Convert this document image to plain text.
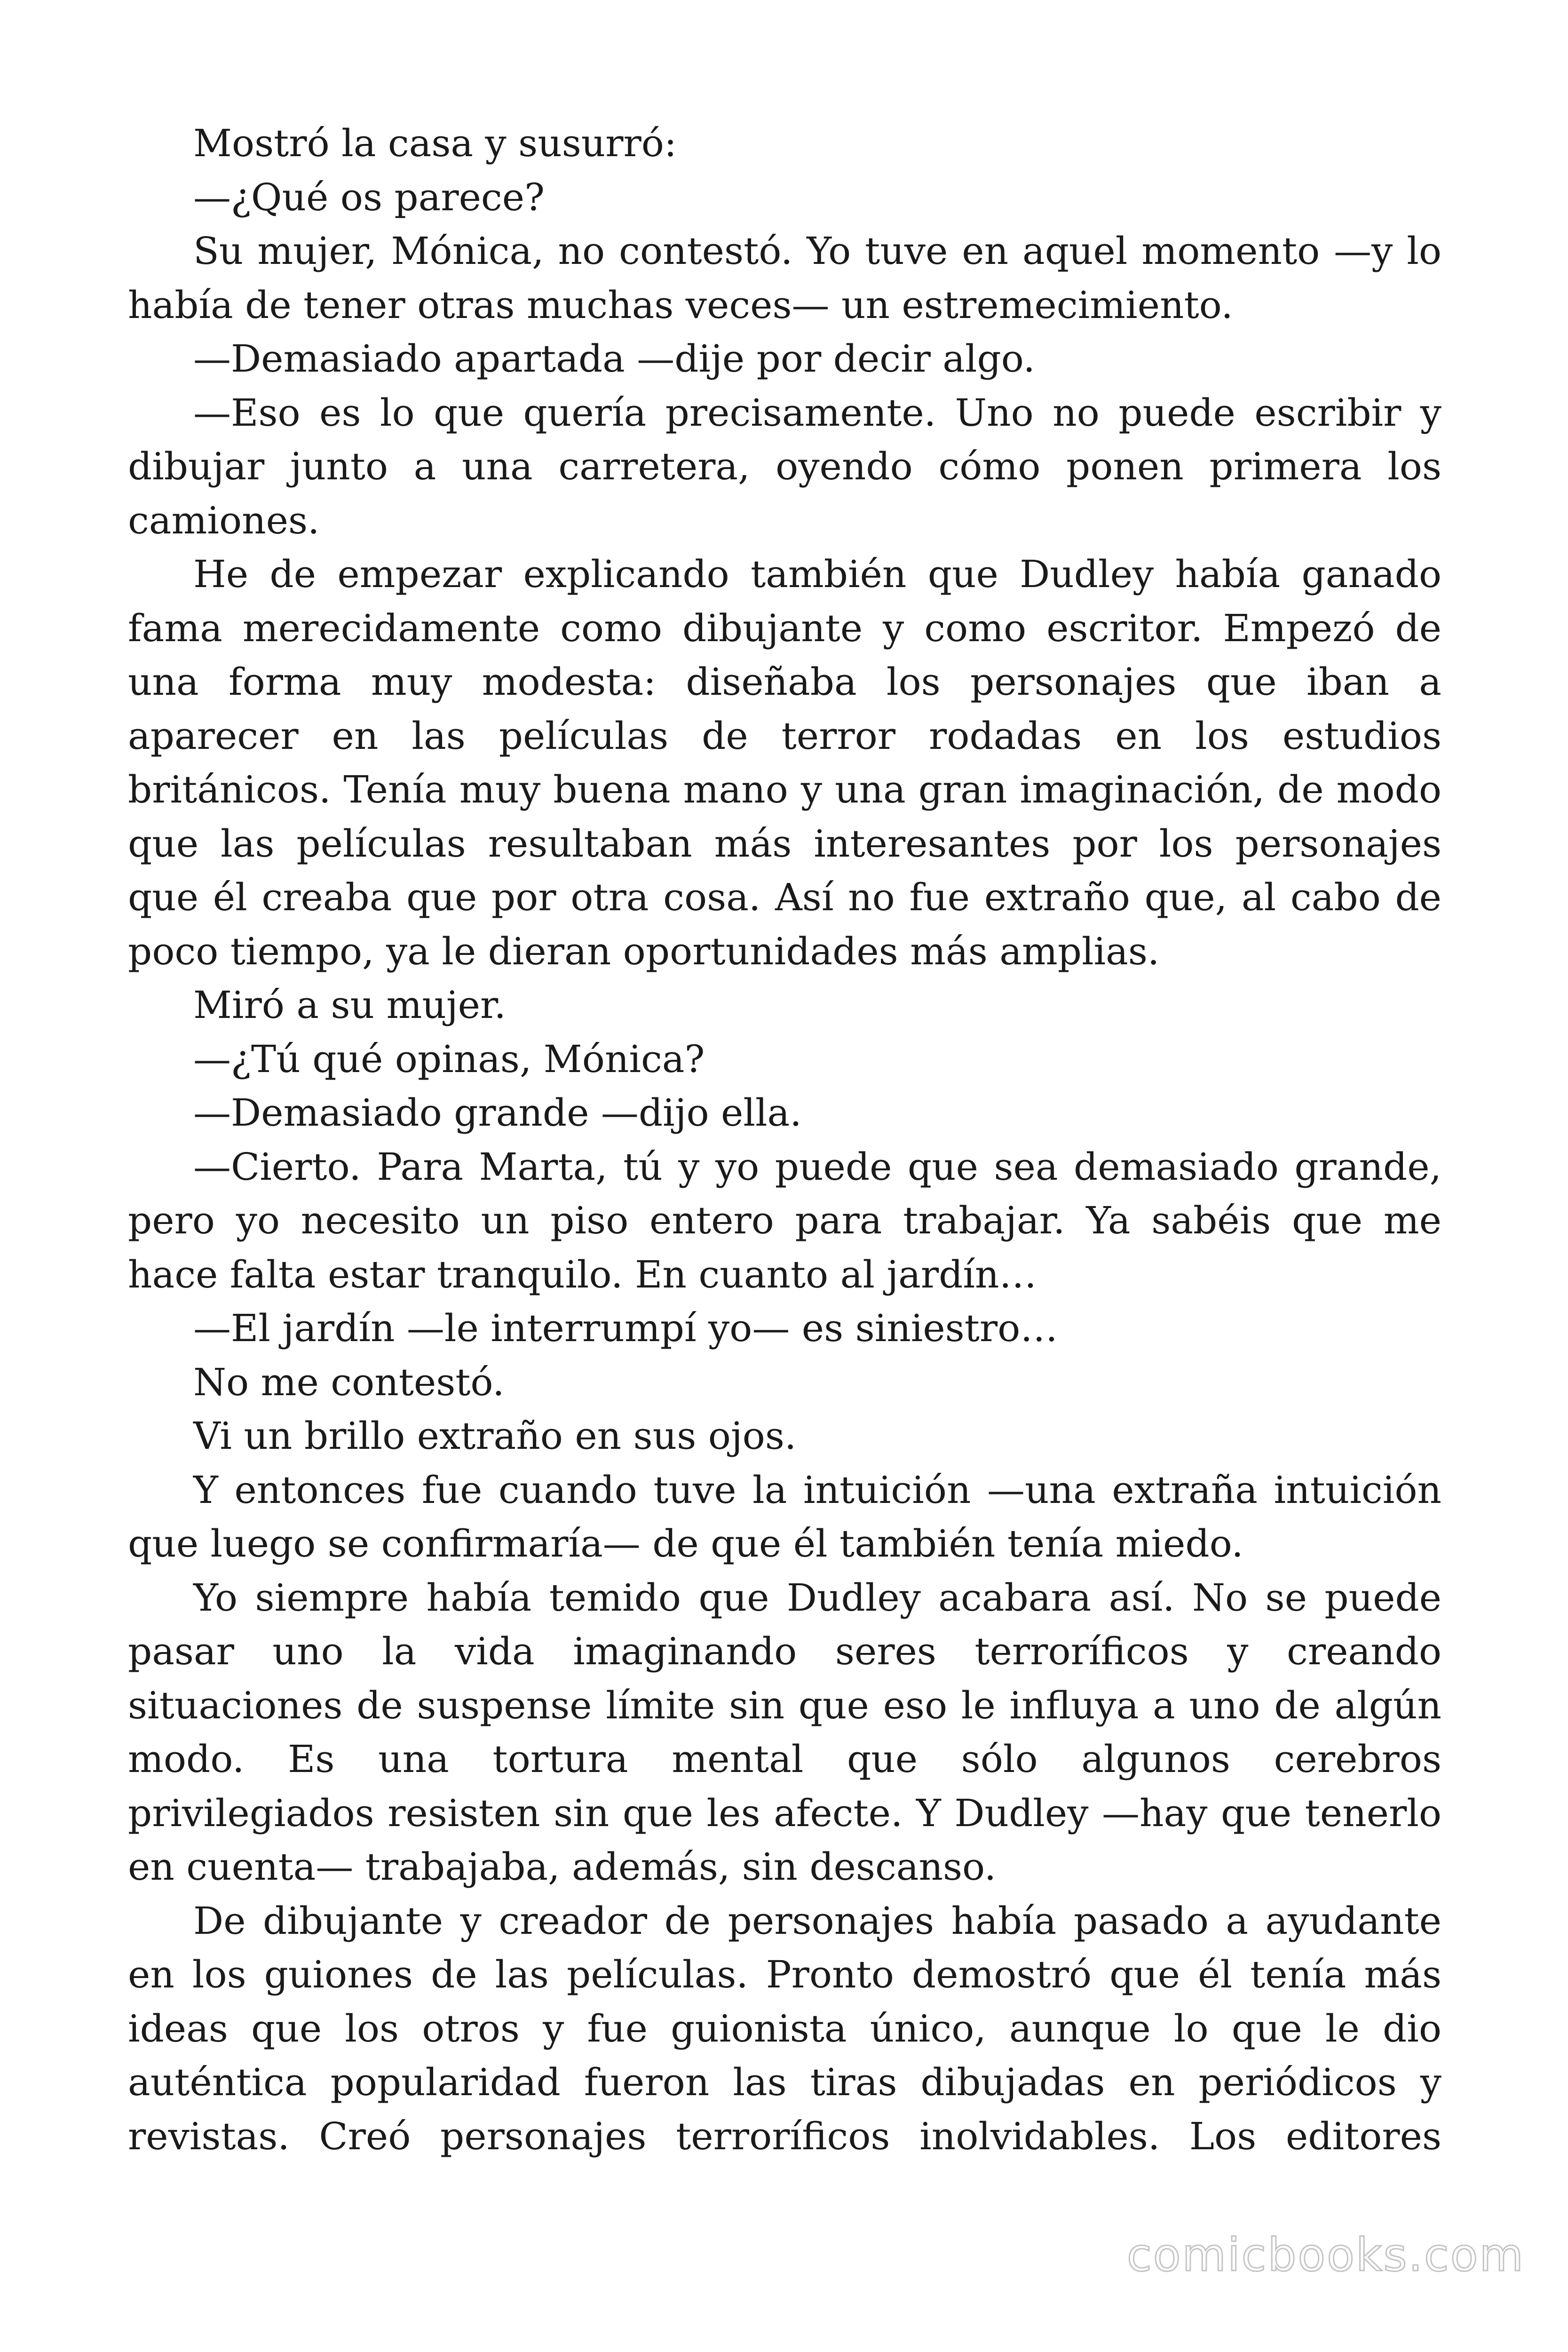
Mostró la casa y susurró:

—¿Qué os parece?

Su mujer, Mónica, no contestó. Yo tuve en aquel momento —y lo había de tener otras muchas veces— un estremecimiento.

—Demasiado apartada —dije por decir algo.

—Eso es lo que quería precisamente. Uno no puede escribir y dibujar junto a una carretera, oyendo cómo ponen primera los camiones.

He de empezar explicando también que Dudley había ganado fama merecidamente como dibujante y como escritor. Empezó de una forma muy modesta: diseñaba los personajes que iban a aparecer en las películas de terror rodadas en los estudios británicos. Tenía muy buena mano y una gran imaginación, de modo que las películas resultaban más interesantes por los personajes que él creaba que por otra cosa. Así no fue extraño que, al cabo de poco tiempo, ya le dieran oportunidades más amplias.

Miró a su mujer.

—¿Tú qué opinas, Mónica?

—Demasiado grande —dijo ella.

—Cierto. Para Marta, tú y yo puede que sea demasiado grande, pero yo necesito un piso entero para trabajar. Ya sabéis que me hace falta estar tranquilo. En cuanto al jardín…

—El jardín —le interrumpí yo— es siniestro…

No me contestó.

Vi un brillo extraño en sus ojos.

Y entonces fue cuando tuve la intuición —una extraña intuición que luego se confirmaría— de que él también tenía miedo.

Yo siempre había temido que Dudley acabara así. No se puede pasar uno la vida imaginando seres terroríficos y creando situaciones de suspense límite sin que eso le influya a uno de algún modo. Es una tortura mental que sólo algunos cerebros privilegiados resisten sin que les afecte. Y Dudley —hay que tenerlo en cuenta— trabajaba, además, sin descanso.

De dibujante y creador de personajes había pasado a ayudante en los guiones de las películas. Pronto demostró que él tenía más ideas que los otros y fue guionista único, aunque lo que le dio auténtica popularidad fueron las tiras dibujadas en periódicos y revistas. Creó personajes terroríficos inolvidables. Los editores

comicbooks.com
